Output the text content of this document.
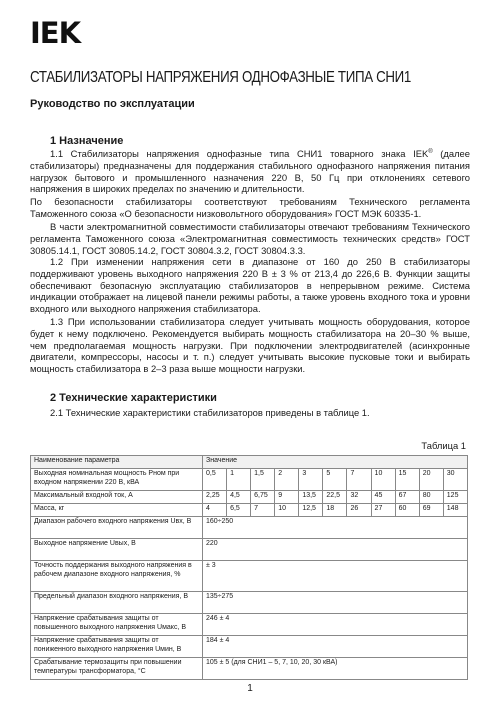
IEK
СТАБИЛИЗАТОРЫ НАПРЯЖЕНИЯ ОДНОФАЗНЫЕ ТИПА СНИ1
Руководство по эксплуатации
1 Назначение
1.1 Стабилизаторы напряжения однофазные типа СНИ1 товарного знака IEK® (далее стабилизаторы) предназначены для поддержания стабильного однофазного напряжения питания нагрузок бытового и промышленного назначения 220 В, 50 Гц при отклонениях сетевого напряжения в широких пределах по значению и длительности.
По безопасности стабилизаторы соответствуют требованиям Технического регламента Таможенного союза «О безопасности низковольтного оборудования» ГОСТ МЭК 60335-1.
В части электромагнитной совместимости стабилизаторы отвечают требованиям Технического регламента Таможенного союза «Электромагнитная совместимость технических средств» ГОСТ 30805.14.1, ГОСТ 30805.14.2, ГОСТ 30804.3.2, ГОСТ 30804.3.3.
1.2 При изменении напряжения сети в диапазоне от 160 до 250 В стабилизаторы поддерживают уровень выходного напряжения 220 В ± 3 % от 213,4 до 226,6 В. Функции защиты обеспечивают безопасную эксплуатацию стабилизаторов в непрерывном режиме. Система индикации отображает на лицевой панели режимы работы, а также уровень входного тока и уровни входного или выходного напряжения стабилизатора.
1.3 При использовании стабилизатора следует учитывать мощность оборудования, которое будет к нему подключено. Рекомендуется выбирать мощность стабилизатора на 20–30 % выше, чем предполагаемая мощность нагрузки. При подключении электродвигателей (асинхронные двигатели, компрессоры, насосы и т. п.) следует учитывать высокие пусковые токи и выбирать мощность стабилизатора в 2–3 раза выше мощности нагрузки.
2 Технические характеристики
2.1 Технические характеристики стабилизаторов приведены в таблице 1.
Таблица 1
Наименование параметра	Значение										
Выходная номинальная мощность Pном при входном напряжении 220 В, кВА	0,5	1	1,5	2	3	5	7	10	15	20	30
Максимальный входной ток, А	2,25	4,5	6,75	9	13,5	22,5	32	45	67	80	125
Масса, кг	4	6,5	7	10	12,5	18	26	27	60	69	148
Диапазон рабочего входного напряжения Uвх, В	160÷250										
Выходное напряжение Uвых, В	220										
Точность поддержания выходного напряжения в рабочем диапазоне входного напряжения, %	± 3										
Предельный диапазон входного напряжения, В	135÷275										
Напряжение срабатывания защиты от повышенного выходного напряжения Uмакс, В	246 ± 4										
Напряжение срабатывания защиты от пониженного выходного напряжения Uмин, В	184 ± 4										
Срабатывание термозащиты при повышении температуры трансформатора, °С	105 ± 5 (для СНИ1 – 5, 7, 10, 20, 30 кВА)										
1
